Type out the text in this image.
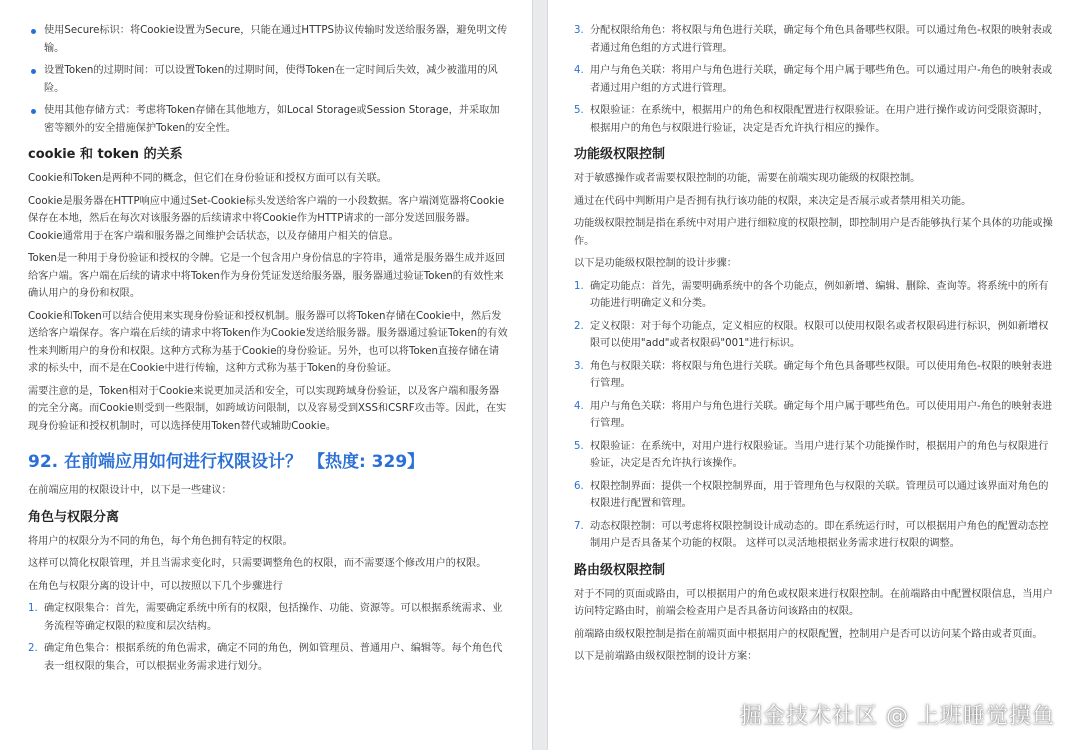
使用Secure标识：将Cookie设置为Secure，只能在通过HTTPS协议传输时发送给服务器，避免明文传输。
设置Token的过期时间：可以设置Token的过期时间，使得Token在一定时间后失效，减少被滥用的风险。
使用其他存储方式：考虑将Token存储在其他地方，如Local Storage或Session Storage，并采取加密等额外的安全措施保护Token的安全性。
cookie 和 token 的关系

Cookie和Token是两种不同的概念，但它们在身份验证和授权方面可以有关联。

Cookie是服务器在HTTP响应中通过Set-Cookie标头发送给客户端的一小段数据。客户端浏览器将Cookie保存在本地，然后在每次对该服务器的后续请求中将Cookie作为HTTP请求的一部分发送回服务器。Cookie通常用于在客户端和服务器之间维护会话状态，以及存储用户相关的信息。

Token是一种用于身份验证和授权的令牌。它是一个包含用户身份信息的字符串，通常是服务器生成并返回给客户端。客户端在后续的请求中将Token作为身份凭证发送给服务器，服务器通过验证Token的有效性来确认用户的身份和权限。

Cookie和Token可以结合使用来实现身份验证和授权机制。服务器可以将Token存储在Cookie中，然后发送给客户端保存。客户端在后续的请求中将Token作为Cookie发送给服务器。服务器通过验证Token的有效性来判断用户的身份和权限。这种方式称为基于Cookie的身份验证。另外，也可以将Token直接存储在请求的标头中，而不是在Cookie中进行传输，这种方式称为基于Token的身份验证。

需要注意的是，Token相对于Cookie来说更加灵活和安全，可以实现跨域身份验证，以及客户端和服务器的完全分离。而Cookie则受到一些限制，如跨域访问限制，以及容易受到XSS和CSRF攻击等。因此，在实现身份验证和授权机制时，可以选择使用Token替代或辅助Cookie。

92. 在前端应用如何进行权限设计？ 【热度: 329】

在前端应用的权限设计中，以下是一些建议：

角色与权限分离

将用户的权限分为不同的角色，每个角色拥有特定的权限。

这样可以简化权限管理，并且当需求变化时，只需要调整角色的权限，而不需要逐个修改用户的权限。

在角色与权限分离的设计中，可以按照以下几个步骤进行

1. 确定权限集合：首先，需要确定系统中所有的权限，包括操作、功能、资源等。可以根据系统需求、业务流程等确定权限的粒度和层次结构。
2. 确定角色集合：根据系统的角色需求，确定不同的角色，例如管理员、普通用户、编辑等。每个角色代表一组权限的集合，可以根据业务需求进行划分。
3. 分配权限给角色：将权限与角色进行关联，确定每个角色具备哪些权限。可以通过角色-权限的映射表或者通过角色组的方式进行管理。
4. 用户与角色关联：将用户与角色进行关联，确定每个用户属于哪些角色。可以通过用户-角色的映射表或者通过用户组的方式进行管理。
5. 权限验证：在系统中，根据用户的角色和权限配置进行权限验证。在用户进行操作或访问受限资源时，根据用户的角色与权限进行验证，决定是否允许执行相应的操作。
功能级权限控制

对于敏感操作或者需要权限控制的功能，需要在前端实现功能级的权限控制。

通过在代码中判断用户是否拥有执行该功能的权限，来决定是否展示或者禁用相关功能。

功能级权限控制是指在系统中对用户进行细粒度的权限控制，即控制用户是否能够执行某个具体的功能或操作。

以下是功能级权限控制的设计步骤：

1. 确定功能点：首先，需要明确系统中的各个功能点，例如新增、编辑、删除、查询等。将系统中的所有功能进行明确定义和分类。
2. 定义权限：对于每个功能点，定义相应的权限。权限可以使用权限名或者权限码进行标识，例如新增权限可以使用"add"或者权限码"001"进行标识。
3. 角色与权限关联：将权限与角色进行关联。确定每个角色具备哪些权限。可以使用角色-权限的映射表进行管理。
4. 用户与角色关联：将用户与角色进行关联。确定每个用户属于哪些角色。可以使用用户-角色的映射表进行管理。
5. 权限验证：在系统中，对用户进行权限验证。当用户进行某个功能操作时，根据用户的角色与权限进行验证，决定是否允许执行该操作。
6. 权限控制界面：提供一个权限控制界面，用于管理角色与权限的关联。管理员可以通过该界面对角色的权限进行配置和管理。
7. 动态权限控制：可以考虑将权限控制设计成动态的。即在系统运行时，可以根据用户角色的配置动态控制用户是否具备某个功能的权限。 这样可以灵活地根据业务需求进行权限的调整。
路由级权限控制

对于不同的页面或路由，可以根据用户的角色或权限来进行权限控制。在前端路由中配置权限信息，当用户访问特定路由时，前端会检查用户是否具备访问该路由的权限。

前端路由级权限控制是指在前端页面中根据用户的权限配置，控制用户是否可以访问某个路由或者页面。

以下是前端路由级权限控制的设计方案：

掘金技术社区 @ 上班睡觉摸鱼
